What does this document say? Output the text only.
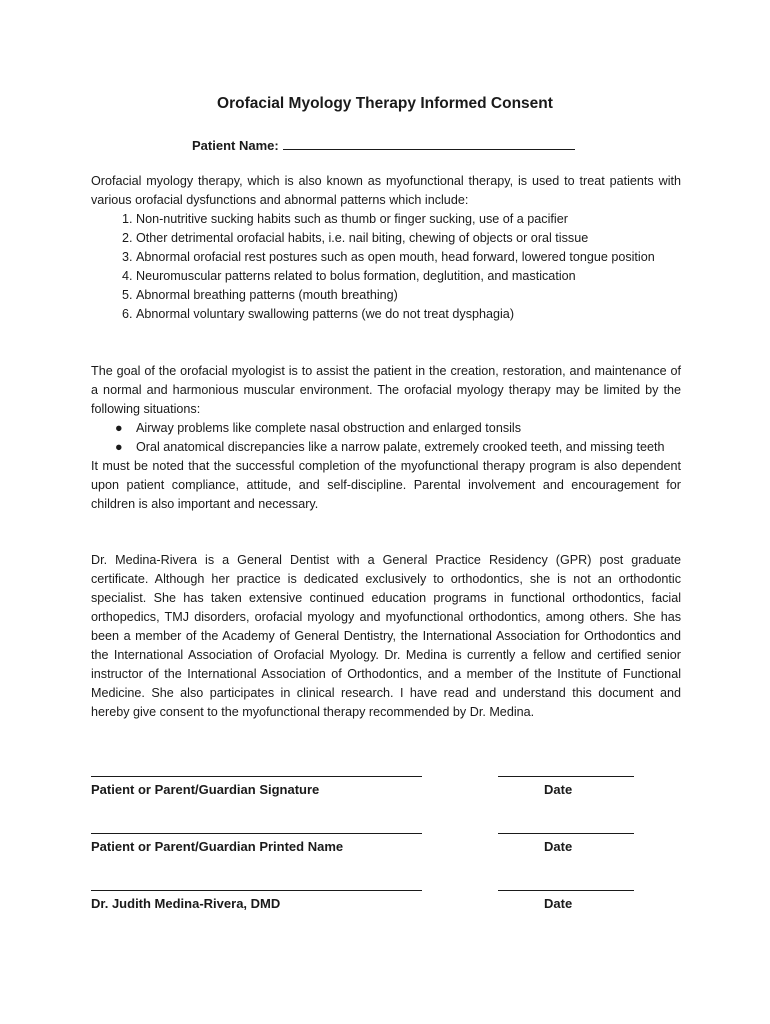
Orofacial Myology Therapy Informed Consent
Patient Name:

Orofacial myology therapy, which is also known as myofunctional therapy, is used to treat patients with various orofacial dysfunctions and abnormal patterns which include:

1. Non-nutritive sucking habits such as thumb or finger sucking, use of a pacifier
2. Other detrimental orofacial habits, i.e. nail biting, chewing of objects or oral tissue
3. Abnormal orofacial rest postures such as open mouth, head forward, lowered tongue position
4. Neuromuscular patterns related to bolus formation, deglutition, and mastication
5. Abnormal breathing patterns (mouth breathing)
6. Abnormal voluntary swallowing patterns (we do not treat dysphagia)

The goal of the orofacial myologist is to assist the patient in the creation, restoration, and maintenance of a normal and harmonious muscular environment. The orofacial myology therapy may be limited by the following situations:

● Airway problems like complete nasal obstruction and enlarged tonsils
● Oral anatomical discrepancies like a narrow palate, extremely crooked teeth, and missing teeth

It must be noted that the successful completion of the myofunctional therapy program is also dependent upon patient compliance, attitude, and self-discipline. Parental involvement and encouragement for children is also important and necessary.

Dr. Medina-Rivera is a General Dentist with a General Practice Residency (GPR) post graduate certificate. Although her practice is dedicated exclusively to orthodontics, she is not an orthodontic specialist. She has taken extensive continued education programs in functional orthodontics, facial orthopedics, TMJ disorders, orofacial myology and myofunctional orthodontics, among others. She has been a member of the Academy of General Dentistry, the International Association for Orthodontics and the International Association of Orofacial Myology. Dr. Medina is currently a fellow and certified senior instructor of the International Association of Orthodontics, and a member of the Institute of Functional Medicine. She also participates in clinical research. I have read and understand this document and hereby give consent to the myofunctional therapy recommended by Dr. Medina.

Patient or Parent/Guardian Signature	Date
Patient or Parent/Guardian Printed Name	Date
Dr. Judith Medina-Rivera, DMD	Date
